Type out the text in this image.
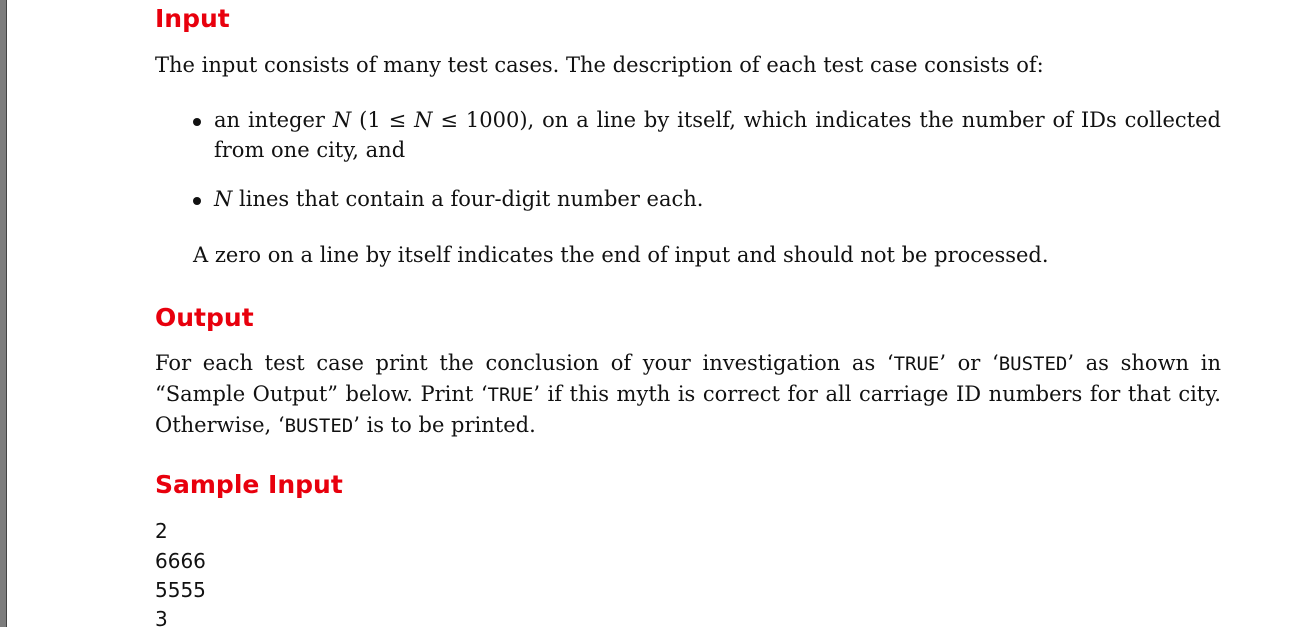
Input
The input consists of many test cases. The description of each test case consists of:
an integer N (1 ≤ N ≤ 1000), on a line by itself, which indicates the number of IDs collected from one city, and
N lines that contain a four-digit number each.
A zero on a line by itself indicates the end of input and should not be processed.
Output
For each test case print the conclusion of your investigation as ‘TRUE’ or ‘BUSTED’ as shown in “Sample Output” below. Print ‘TRUE’ if this myth is correct for all carriage ID numbers for that city. Otherwise, ‘BUSTED’ is to be printed.
Sample Input
2
6666
5555
3
